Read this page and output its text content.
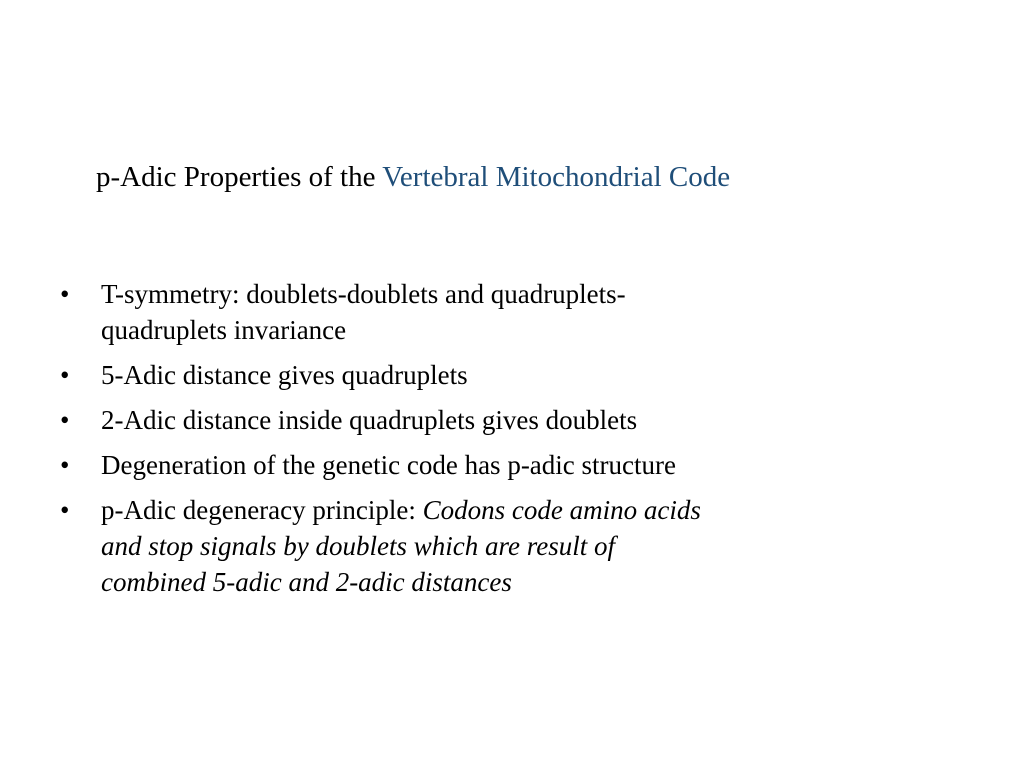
p-Adic Properties of the Vertebral Mitochondrial Code
•	T-symmetry: doublets-doublets and quadruplets-
quadruplets invariance
•	5-Adic distance gives quadruplets
•	2-Adic distance inside quadruplets gives doublets
•	Degeneration of the genetic code has p-adic structure
•	p-Adic degeneracy principle: Codons code amino acids
and stop signals by doublets which are result of
combined 5-adic and 2-adic distances
